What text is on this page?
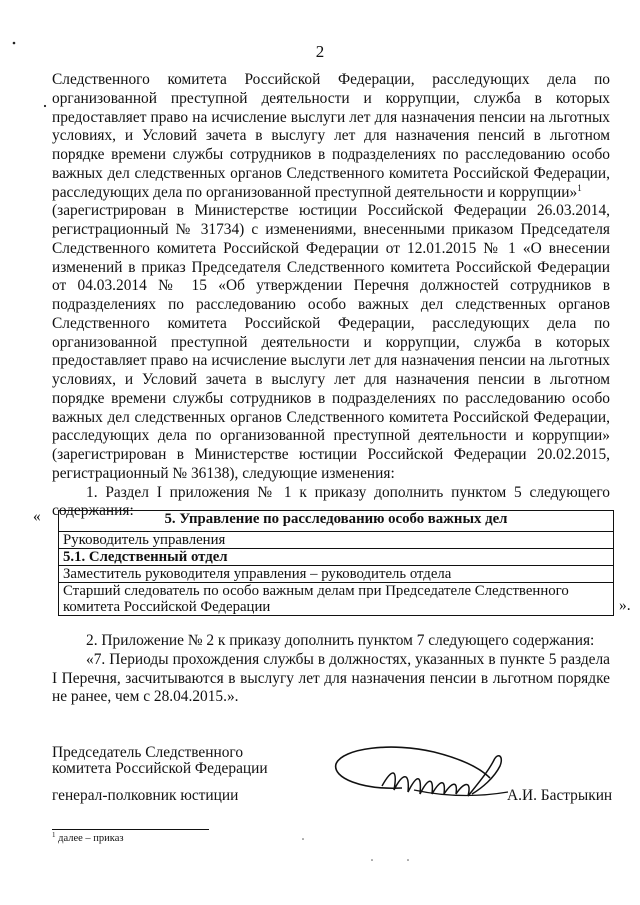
2

Следственного комитета Российской Федерации, расследующих дела по организованной преступной деятельности и коррупции, служба в которых предоставляет право на исчисление выслуги лет для назначения пенсии на льготных условиях, и Условий зачета в выслугу лет для назначения пенсий в льготном порядке времени службы сотрудников в подразделениях по расследованию особо важных дел следственных органов Следственного комитета Российской Федерации, расследующих дела по организованной преступной деятельности и коррупции»$^1$

(зарегистрирован в Министерстве юстиции Российской Федерации 26.03.2014, регистрационный № 31734) с изменениями, внесенными приказом Председателя Следственного комитета Российской Федерации от 12.01.2015 № 1 «О внесении изменений в приказ Председателя Следственного комитета Российской Федерации от 04.03.2014 № 15 «Об утверждении Перечня должностей сотрудников в подразделениях по расследованию особо важных дел следственных органов Следственного комитета Российской Федерации, расследующих дела по организованной преступной деятельности и коррупции, служба в которых предоставляет право на исчисление выслуги лет для назначения пенсии на льготных условиях, и Условий зачета в выслугу лет для назначения пенсии в льготном порядке времени службы сотрудников в подразделениях по расследованию особо важных дел следственных органов Следственного комитета Российской Федерации, расследующих дела по организованной преступной деятельности и коррупции» (зарегистрирован в Министерстве юстиции Российской Федерации 20.02.2015, регистрационный № 36138), следующие изменения:

1. Раздел I приложения № 1 к приказу дополнить пунктом 5 следующего содержания:

«	5. Управление по расследованию особо важных дел
Руководитель управления
5.1. Следственный отдел
Заместитель руководителя управления – руководитель отдела
Старший следователь по особо важным делам при Председателе Следственного комитета Российской Федерации	».

2. Приложение № 2 к приказу дополнить пунктом 7 следующего содержания:

«7. Периоды прохождения службы в должностях, указанных в пункте 5 раздела I Перечня, засчитываются в выслугу лет для назначения пенсии в льготном порядке не ранее, чем с 28.04.2015.».

Председатель Следственного
комитета Российской Федерации
генерал-полковник юстиции	А.И. Бастрыкин
$^1$ далее – приказ
